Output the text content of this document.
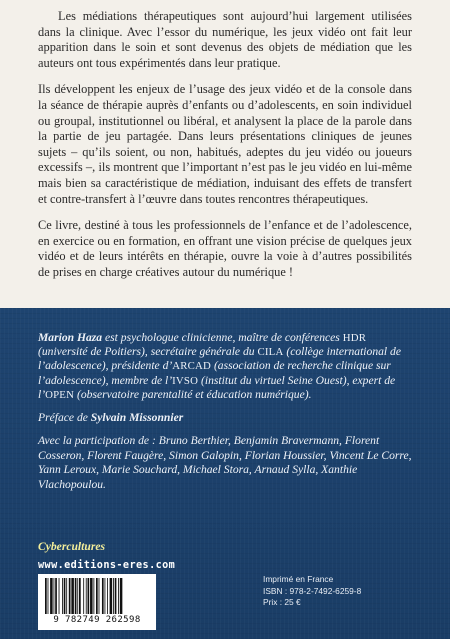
Les médiations thérapeutiques sont aujourd’hui largement utilisées dans la clinique. Avec l’essor du numérique, les jeux vidéo ont fait leur apparition dans le soin et sont devenus des objets de médiation que les auteurs ont tous expérimentés dans leur pratique.

Ils développent les enjeux de l’usage des jeux vidéo et de la console dans la séance de thérapie auprès d’enfants ou d’adolescents, en soin individuel ou groupal, institutionnel ou libéral, et analysent la place de la parole dans la partie de jeu partagée. Dans leurs présentations cliniques de jeunes sujets – qu’ils soient, ou non, habitués, adeptes du jeu vidéo ou joueurs excessifs –, ils montrent que l’important n’est pas le jeu vidéo en lui-même mais bien sa caractéristique de médiation, induisant des effets de transfert et contre-transfert à l’œuvre dans toutes rencontres thérapeutiques.

Ce livre, destiné à tous les professionnels de l’enfance et de l’adolescence, en exercice ou en formation, en offrant une vision précise de quelques jeux vidéo et de leurs intérêts en thérapie, ouvre la voie à d’autres possibilités de prises en charge créatives autour du numérique !

Marion Haza est psychologue clinicienne, maître de conférences HDR (université de Poitiers), secrétaire générale du CILA (collège international de l’adolescence), présidente d’ARCAD (association de recherche clinique sur l’adolescence), membre de l’IVSO (institut du virtuel Seine Ouest), expert de l’OPEN (observatoire parentalité et éducation numérique).
Préface de Sylvain Missonnier
Avec la participation de : Bruno Berthier, Benjamin Bravermann, Florent Cosseron, Florent Faugère, Simon Galopin, Florian Houssier, Vincent Le Corre, Yann Leroux, Marie Souchard, Michael Stora, Arnaud Sylla, Xanthie Vlachopoulou.
Cybercultures
www.editions-eres.com
9 782749 262598
Imprimé en France
ISBN : 978-2-7492-6259-8
Prix : 25 €
